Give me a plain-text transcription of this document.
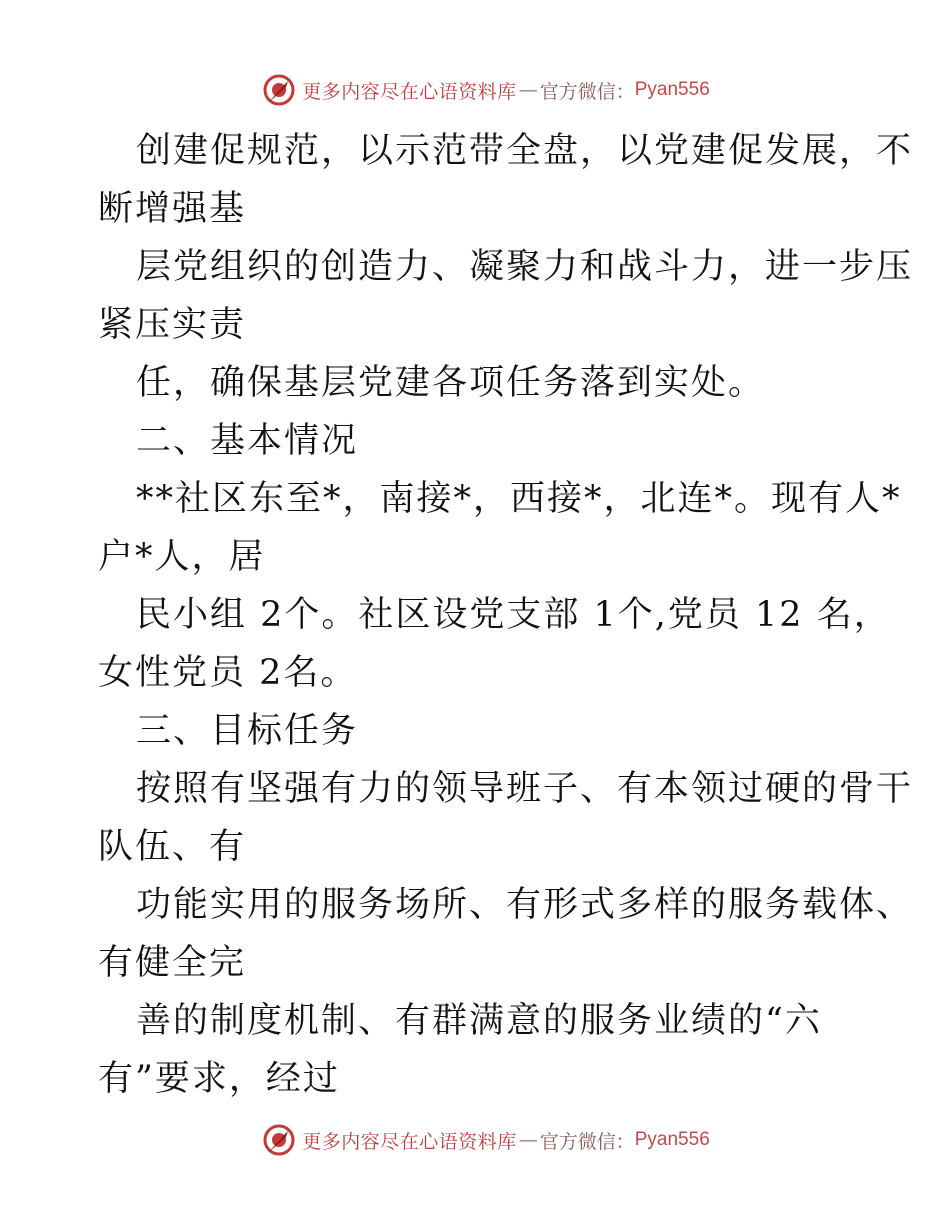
更多内容尽在心语资料库 — 官方微信： Pyan556
创建促规范，以示范带全盘，以党建促发展，不
断增强基
层党组织的创造力、凝聚力和战斗力，进一步压
紧压实责
任，确保基层党建各项任务落到实处。
二、基本情况
**社区东至*，南接*，西接*，北连*。现有人*
户*人，居
民小组 2个。社区设党支部 1个,党员 12 名，
女性党员 2名。
三、目标任务
按照有坚强有力的领导班子、有本领过硬的骨干
队伍、有
功能实用的服务场所、有形式多样的服务载体、
有健全完
善的制度机制、有群满意的服务业绩的“六
有”要求，经过
更多内容尽在心语资料库 — 官方微信： Pyan556
